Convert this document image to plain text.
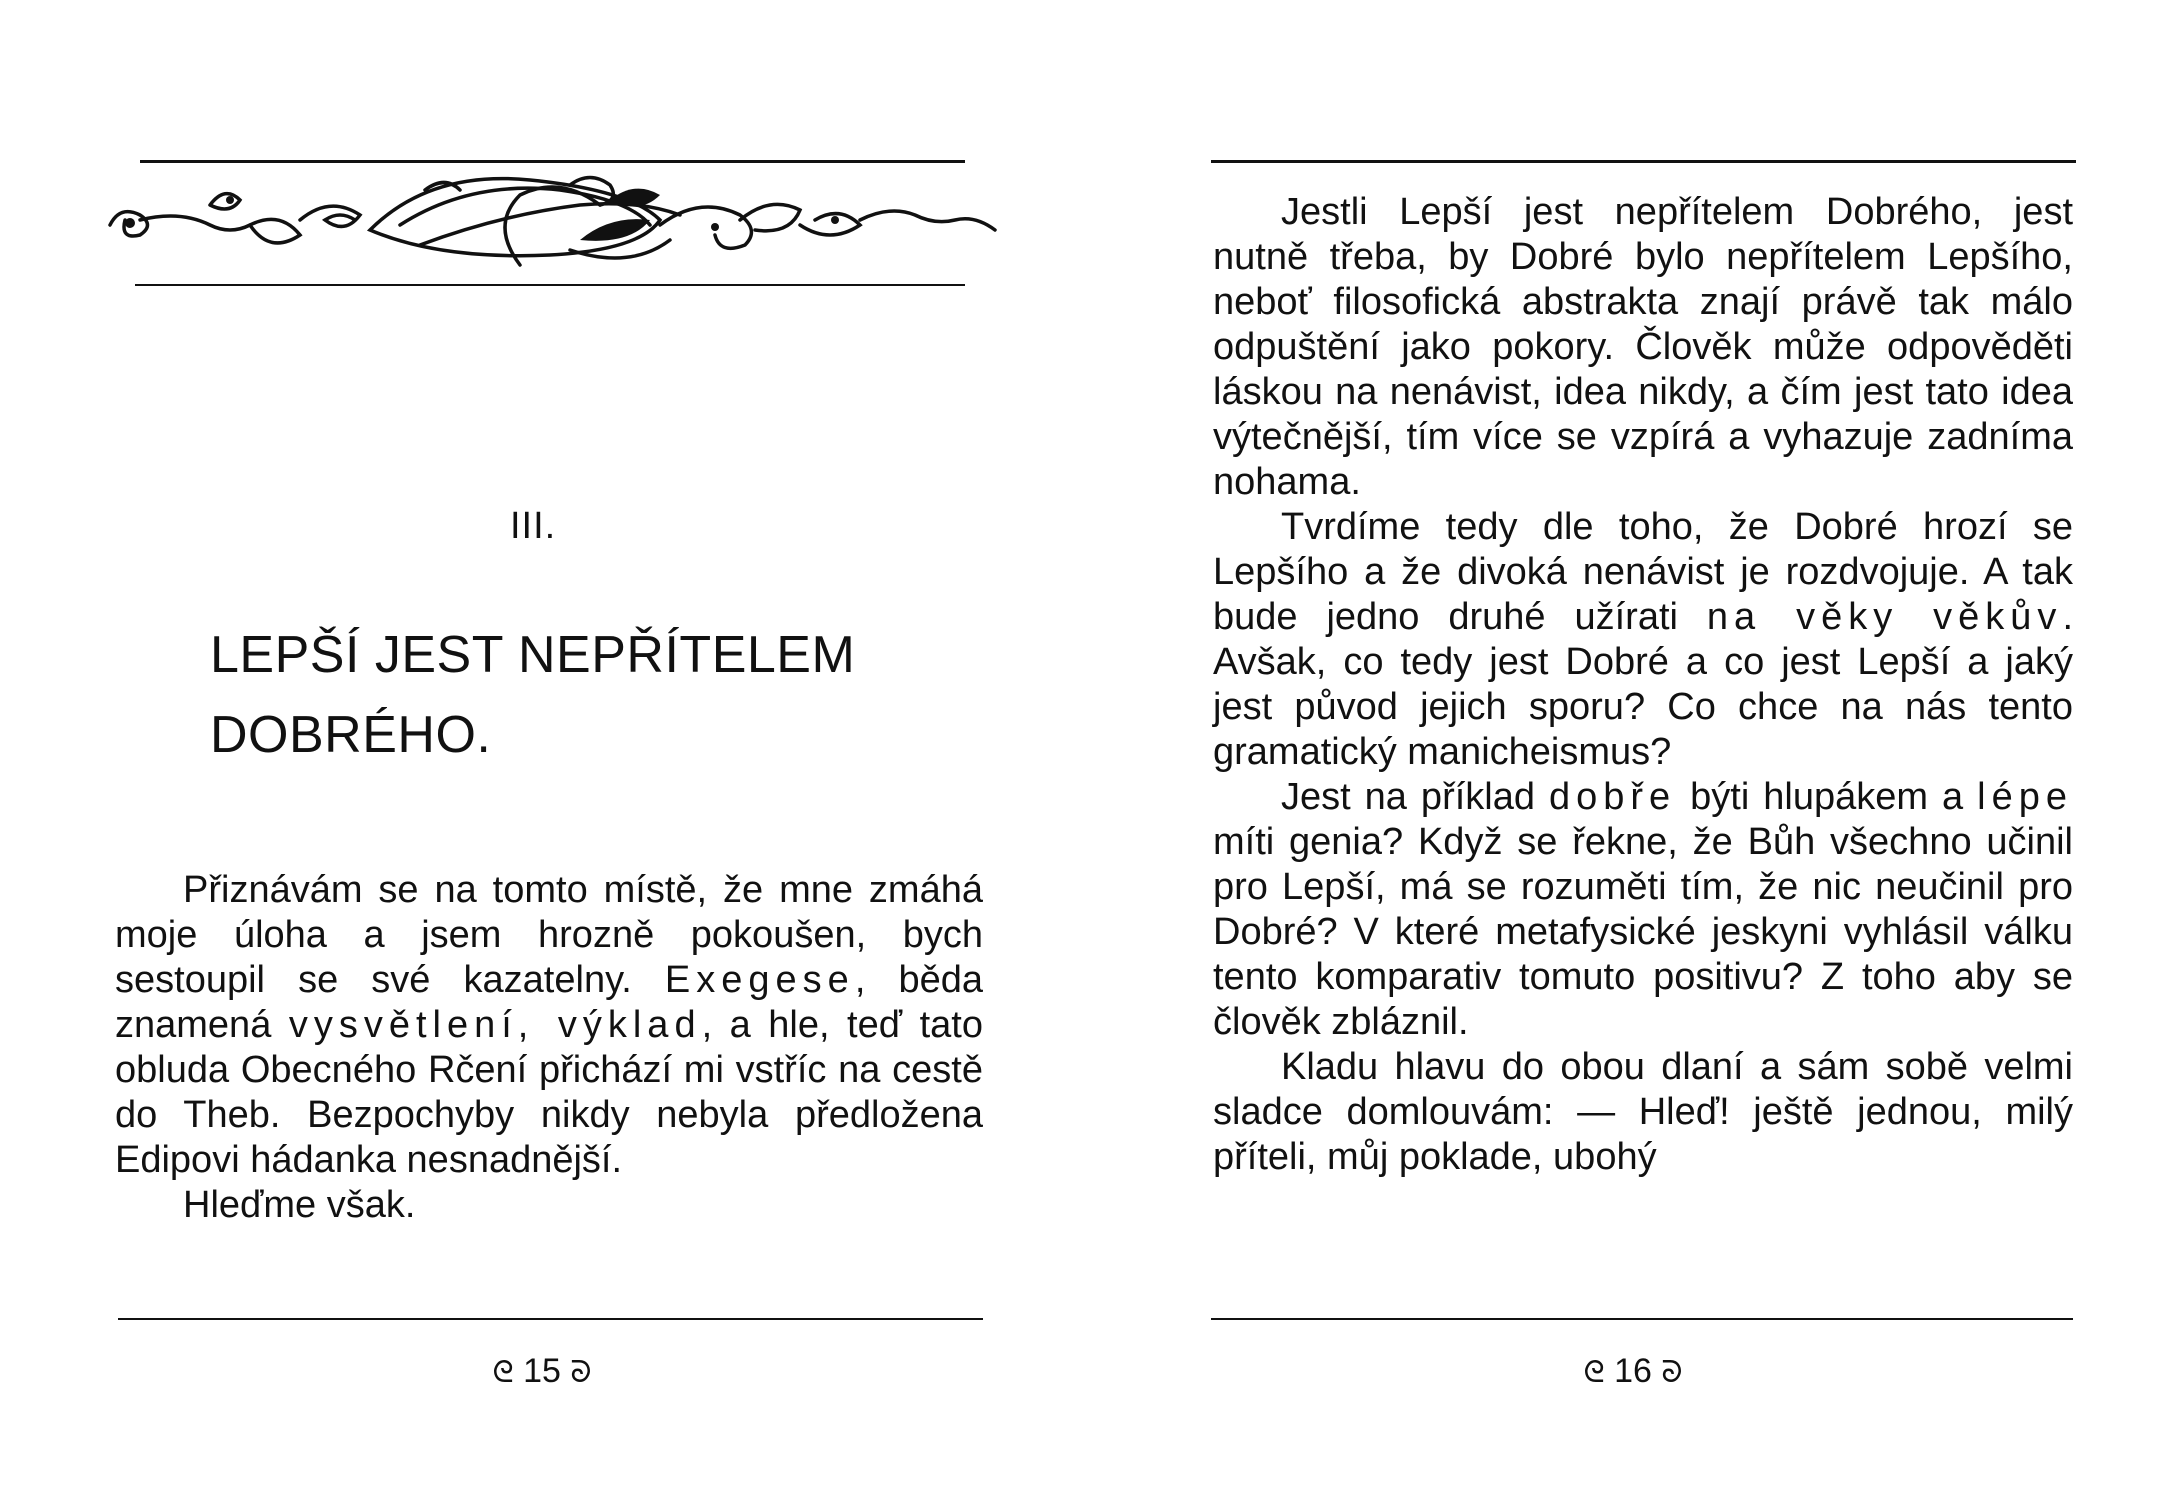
III.
LEPŠÍ JEST NEPŘÍTELEM
DOBRÉHO.

Přiznávám se na tomto místě, že mne zmáhá moje úloha a jsem hrozně pokoušen, bych sestoupil se své kazatelny. Exegese, běda znamená vysvětlení, výklad, a hle, teď tato obluda Obecného Rčení přichází mi vstříc na cestě do Theb. Bezpochyby nikdy nebyla předložena Edipovi hádanka nesnadnější.

Hleďme však.

ᘓ 15 ᘐ

Jestli Lepší jest nepřítelem Dobrého, jest nutně třeba, by Dobré bylo nepřítelem Lepšího, neboť filosofická abstrakta znají právě tak málo odpuštění jako pokory. Člověk může odpověděti láskou na nenávist, idea nikdy, a čím jest tato idea výtečnější, tím více se vzpírá a vyhazuje zadníma nohama.

Tvrdíme tedy dle toho, že Dobré hrozí se Lepšího a že divoká nenávist je rozdvojuje. A tak bude jedno druhé užírati na věky věkův. Avšak, co tedy jest Dobré a co jest Lepší a jaký jest původ jejich sporu? Co chce na nás tento gramatický manicheismus?

Jest na příklad dobře býti hlupákem a lépe míti genia? Když se řekne, že Bůh všechno učinil pro Lepší, má se rozuměti tím, že nic neučinil pro Dobré? V které metafysické jeskyni vyhlásil válku tento komparativ tomuto positivu? Z toho aby se člověk zbláznil.

Kladu hlavu do obou dlaní a sám sobě velmi sladce domlouvám: — Hleď! ještě jednou, milý příteli, můj poklade, ubohý

ᘓ 16 ᘐ
